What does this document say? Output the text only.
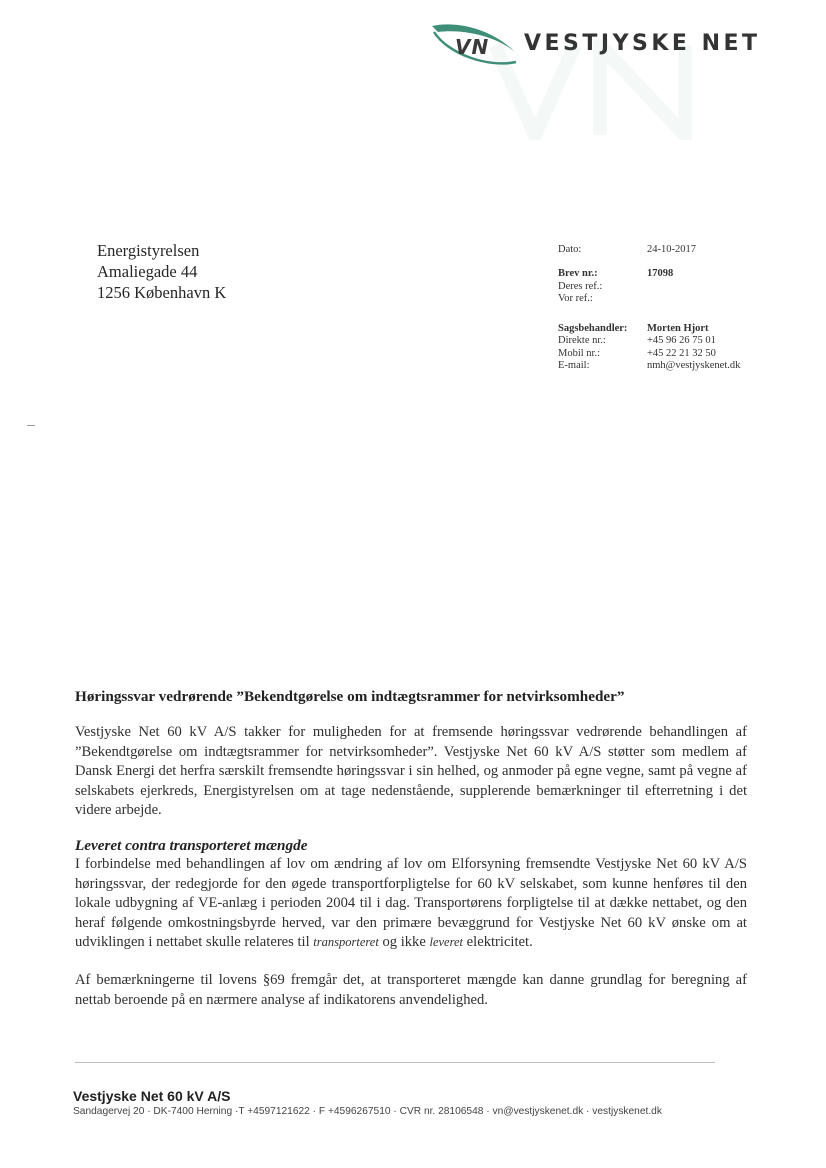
VN VESTJYSKE NET
Energistyrelsen
Amaliegade 44
1256 København K
Dato:	24-10-2017
Brev nr.:	17098
Deres ref.:
Vor ref.:
Sagsbehandler: Morten Hjort
Direkte nr.:	+45 96 26 75 01
Mobil nr.:	+45 22 21 32 50
E-mail:	nmh@vestjyskenet.dk
Høringssvar vedrørende ”Bekendtgørelse om indtægtsrammer for netvirksomheder”
Vestjyske Net 60 kV A/S takker for muligheden for at fremsende høringssvar vedrørende behandlingen af ”Bekendtgørelse om indtægtsrammer for netvirksomheder”. Vestjyske Net 60 kV A/S støtter som medlem af Dansk Energi det herfra særskilt fremsendte høringssvar i sin helhed, og anmoder på egne vegne, samt på vegne af selskabets ejerkreds, Energistyrelsen om at tage nedenstående, supplerende bemærkninger til efterretning i det videre arbejde.
Leveret contra transporteret mængde
I forbindelse med behandlingen af lov om ændring af lov om Elforsyning fremsendte Vestjyske Net 60 kV A/S høringssvar, der redegjorde for den øgede transportforpligtelse for 60 kV selskabet, som kunne henføres til den lokale udbygning af VE-anlæg i perioden 2004 til i dag. Transportørens forpligtelse til at dække nettabet, og den heraf følgende omkostningsbyrde herved, var den primære bevæggrund for Vestjyske Net 60 kV ønske om at udviklingen i nettabet skulle relateres til transporteret og ikke leveret elektricitet.
Af bemærkningerne til lovens §69 fremgår det, at transporteret mængde kan danne grundlag for beregning af nettab beroende på en nærmere analyse af indikatorens anvendelighed.
Vestjyske Net 60 kV A/S
Sandagervej 20 · DK-7400 Herning ·T +4597121622 · F +4596267510 · CVR nr. 28106548 · vn@vestjyskenet.dk · vestjyskenet.dk
